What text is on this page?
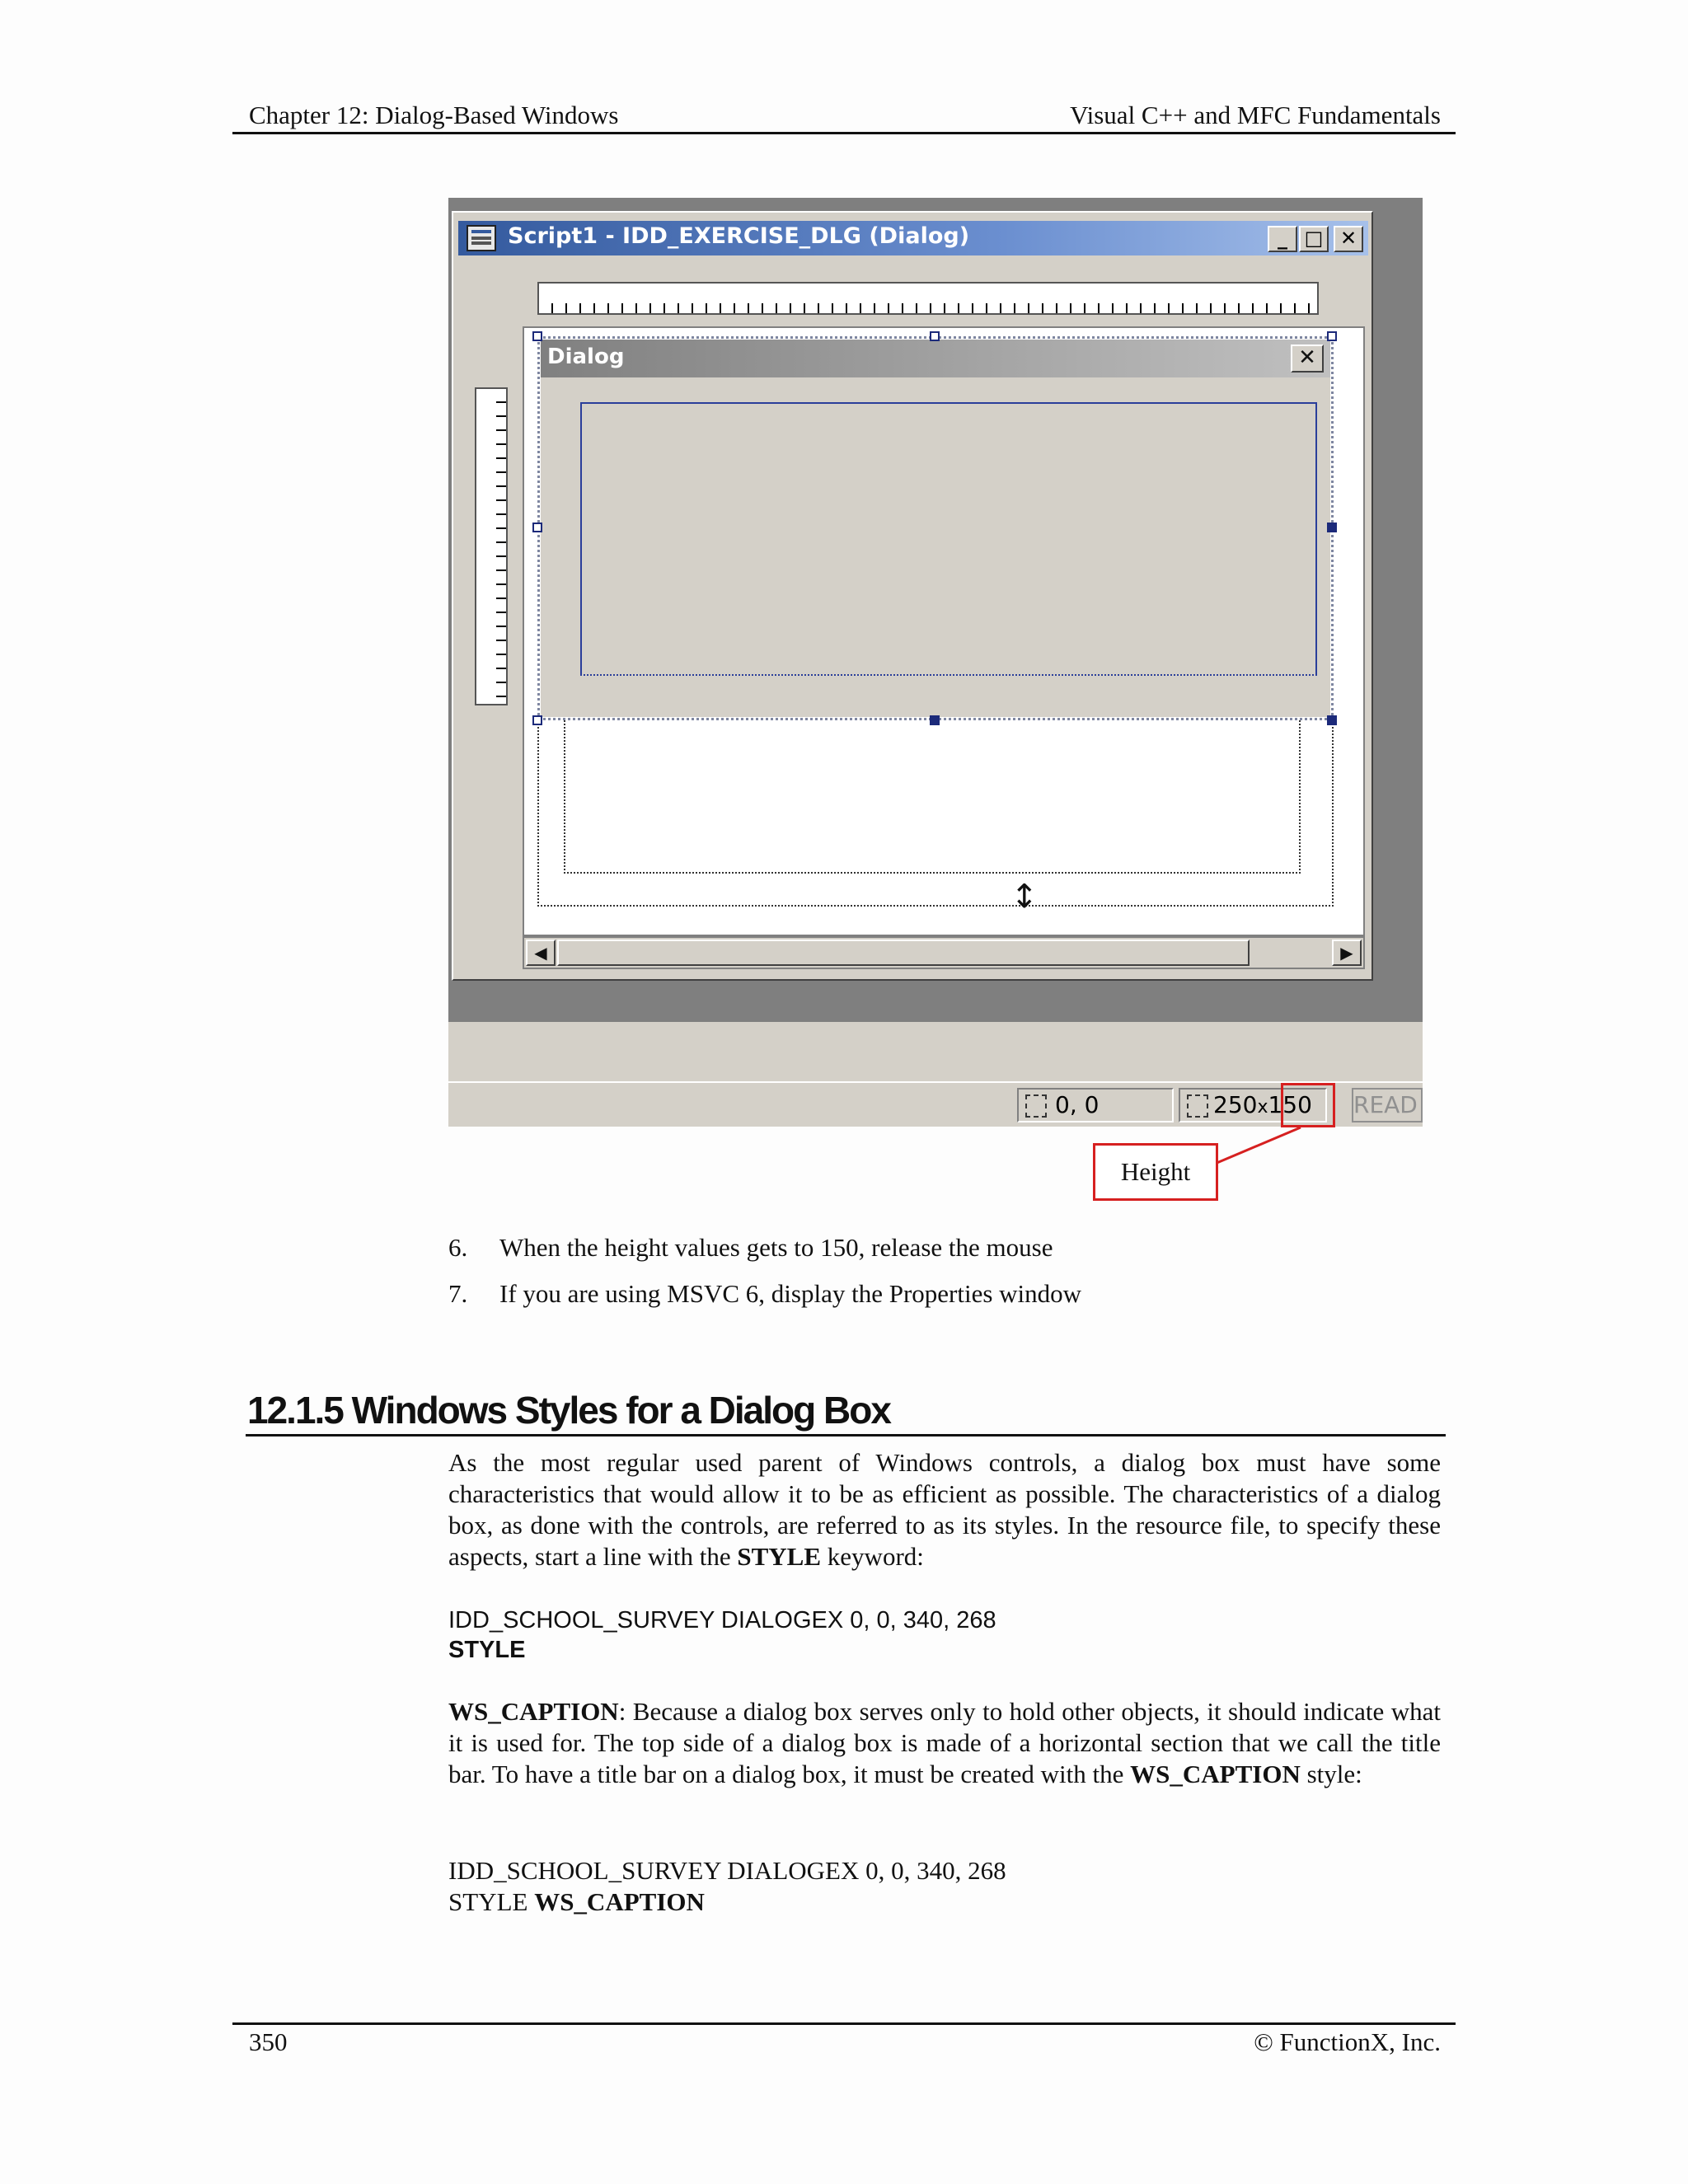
Chapter 12: Dialog-Based Windows	Visual C++ and MFC Fundamentals
Script1 - IDD_EXERCISE_DLG (Dialog)	_ □ ✕
Dialog	✕
↕
◀	▶
0, 0	250x150	READ
Height
6. When the height values gets to 150, release the mouse
7. If you are using MSVC 6, display the Properties window
12.1.5 Windows Styles for a Dialog Box
As the most regular used parent of Windows controls, a dialog box must have some characteristics that would allow it to be as efficient as possible. The characteristics of a dialog box, as done with the controls, are referred to as its styles. In the resource file, to specify these aspects, start a line with the STYLE keyword:
IDD_SCHOOL_SURVEY DIALOGEX 0, 0, 340, 268
STYLE
WS_CAPTION: Because a dialog box serves only to hold other objects, it should indicate what it is used for. The top side of a dialog box is made of a horizontal section that we call the title bar. To have a title bar on a dialog box, it must be created with the WS_CAPTION style:
IDD_SCHOOL_SURVEY DIALOGEX 0, 0, 340, 268
STYLE WS_CAPTION
350	© FunctionX, Inc.
